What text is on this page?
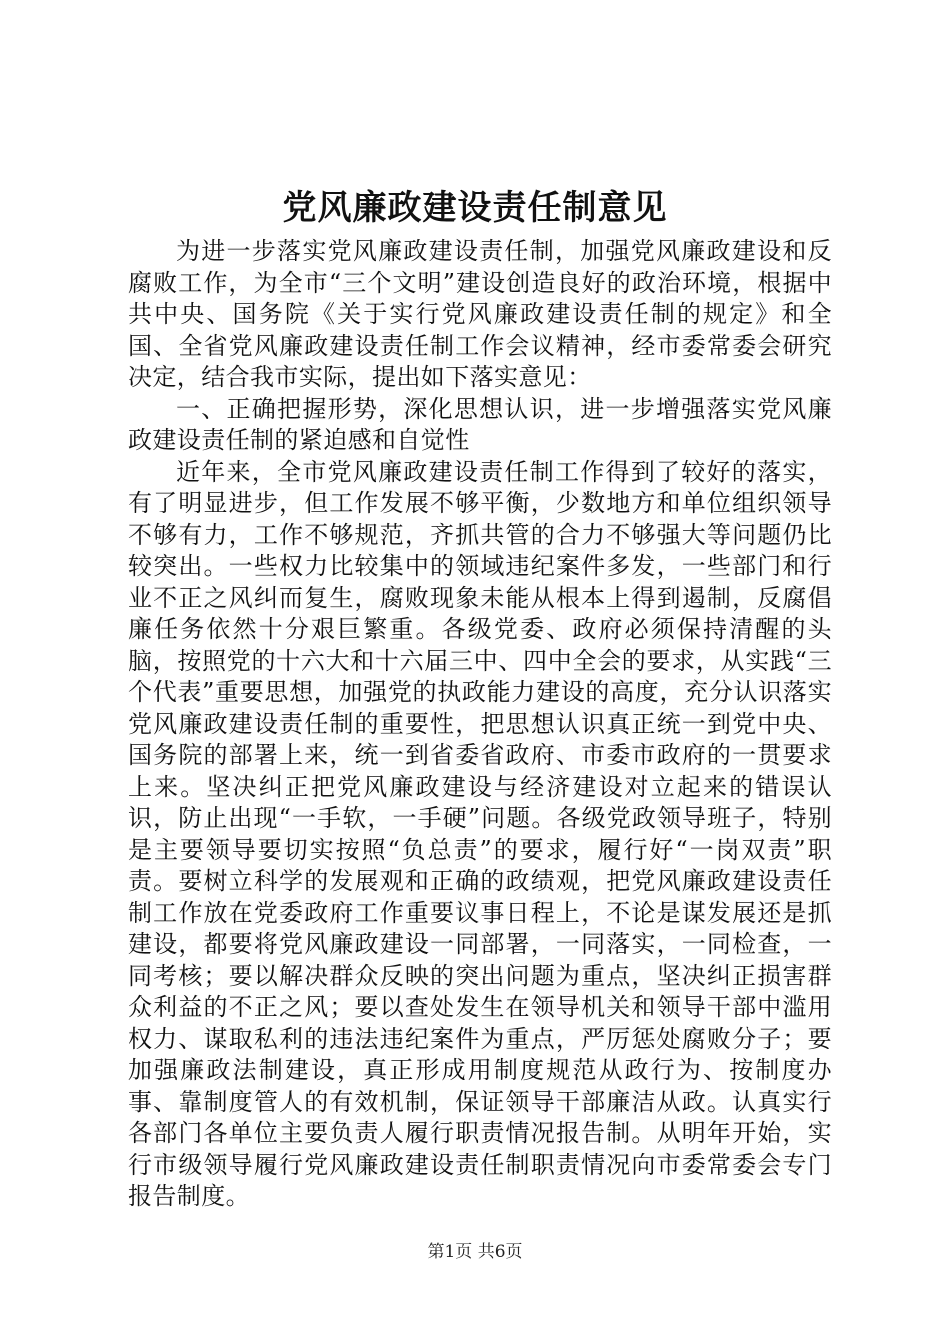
党风廉政建设责任制意见

为进一步落实党风廉政建设责任制，加强党风廉政建设和反腐败工作，为全市“三个文明”建设创造良好的政治环境，根据中共中央、国务院《关于实行党风廉政建设责任制的规定》和全国、全省党风廉政建设责任制工作会议精神，经市委常委会研究决定，结合我市实际，提出如下落实意见：

一、正确把握形势，深化思想认识，进一步增强落实党风廉政建设责任制的紧迫感和自觉性

近年来，全市党风廉政建设责任制工作得到了较好的落实，有了明显进步，但工作发展不够平衡，少数地方和单位组织领导不够有力，工作不够规范，齐抓共管的合力不够强大等问题仍比较突出。一些权力比较集中的领域违纪案件多发，一些部门和行业不正之风纠而复生，腐败现象未能从根本上得到遏制，反腐倡廉任务依然十分艰巨繁重。各级党委、政府必须保持清醒的头脑，按照党的十六大和十六届三中、四中全会的要求，从实践“三个代表”重要思想，加强党的执政能力建设的高度，充分认识落实党风廉政建设责任制的重要性，把思想认识真正统一到党中央、国务院的部署上来，统一到省委省政府、市委市政府的一贯要求上来。坚决纠正把党风廉政建设与经济建设对立起来的错误认识，防止出现“一手软，一手硬”问题。各级党政领导班子，特别是主要领导要切实按照“负总责”的要求，履行好“一岗双责”职责。要树立科学的发展观和正确的政绩观，把党风廉政建设责任制工作放在党委政府工作重要议事日程上，不论是谋发展还是抓建设，都要将党风廉政建设一同部署，一同落实，一同检查，一同考核；要以解决群众反映的突出问题为重点，坚决纠正损害群众利益的不正之风；要以查处发生在领导机关和领导干部中滥用权力、谋取私利的违法违纪案件为重点，严厉惩处腐败分子；要加强廉政法制建设，真正形成用制度规范从政行为、按制度办事、靠制度管人的有效机制，保证领导干部廉洁从政。认真实行各部门各单位主要负责人履行职责情况报告制。从明年开始，实行市级领导履行党风廉政建设责任制职责情况向市委常委会专门报告制度。

第1页 共6页
